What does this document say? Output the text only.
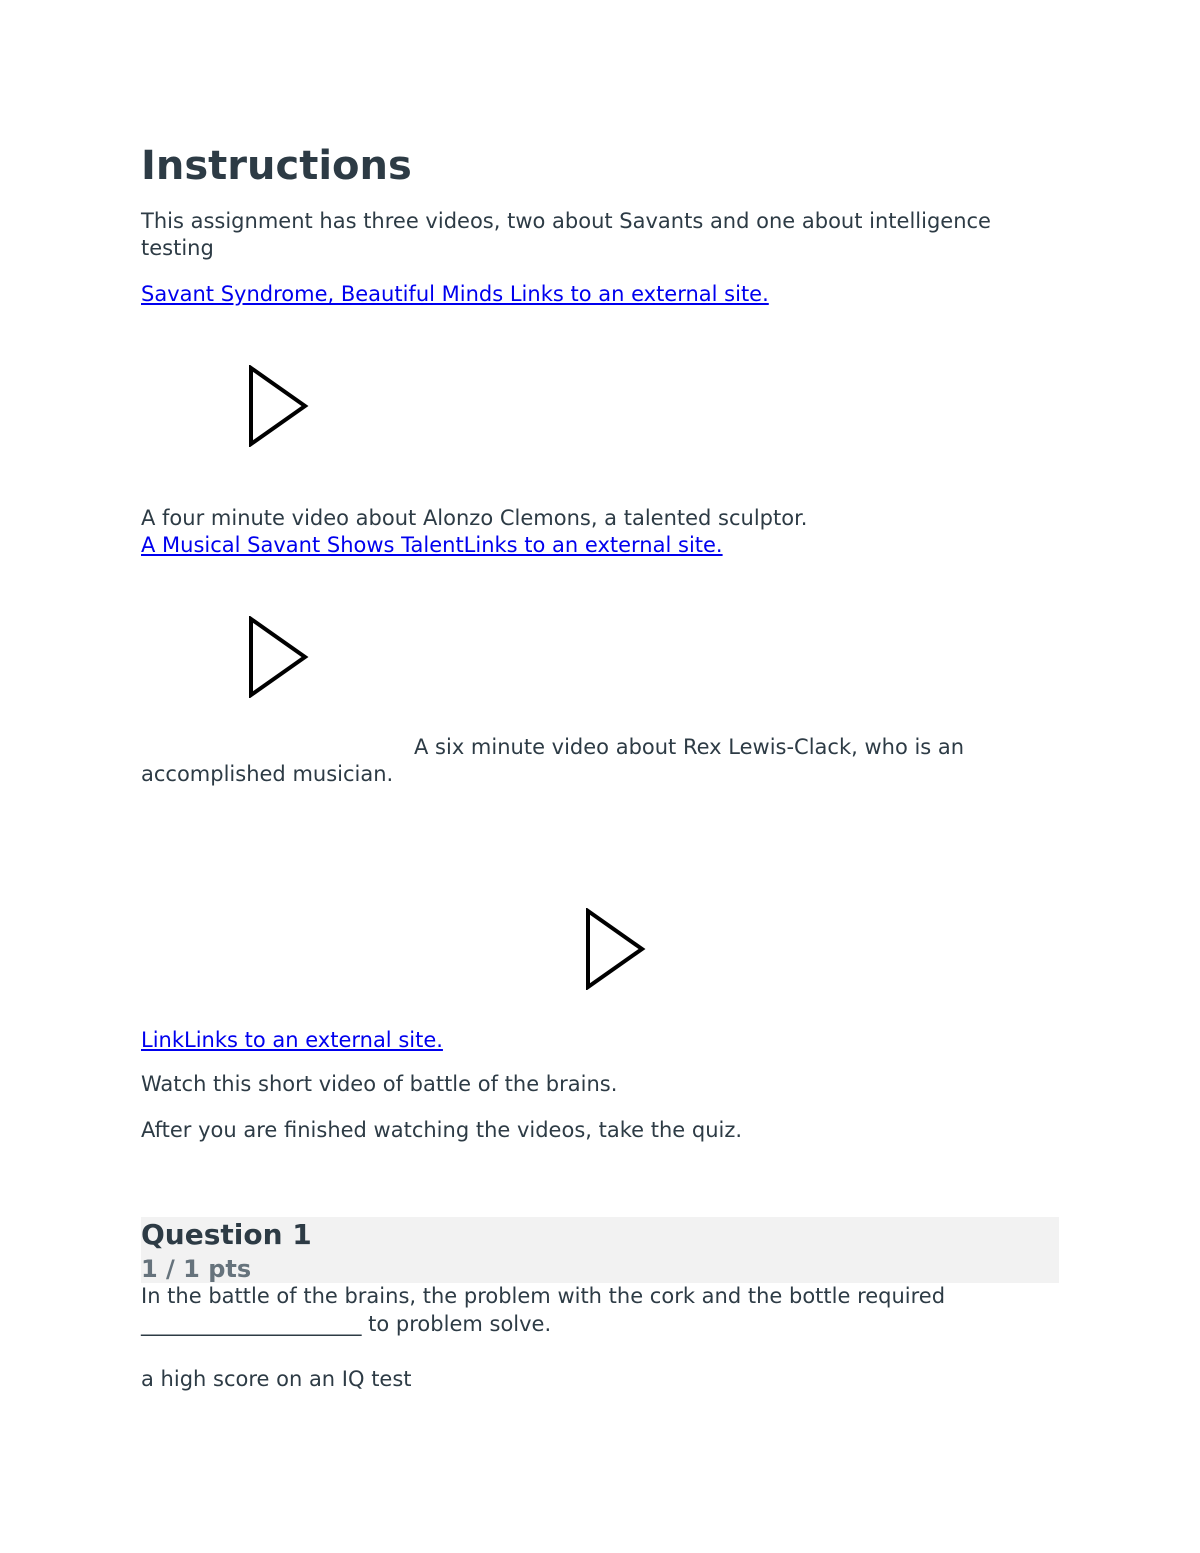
Instructions

This assignment has three videos, two about Savants and one about intelligence testing

Savant Syndrome, Beautiful Minds Links to an external site.

A four minute video about Alonzo Clemons, a talented sculptor.

A Musical Savant Shows TalentLinks to an external site.

A six minute video about Rex Lewis-Clack, who is an accomplished musician.

LinkLinks to an external site.

Watch this short video of battle of the brains.

After you are finished watching the videos, take the quiz.

Question 1
1 / 1 pts

In the battle of the brains, the problem with the cork and the bottle required

_____________________ to problem solve.

a high score on an IQ test
